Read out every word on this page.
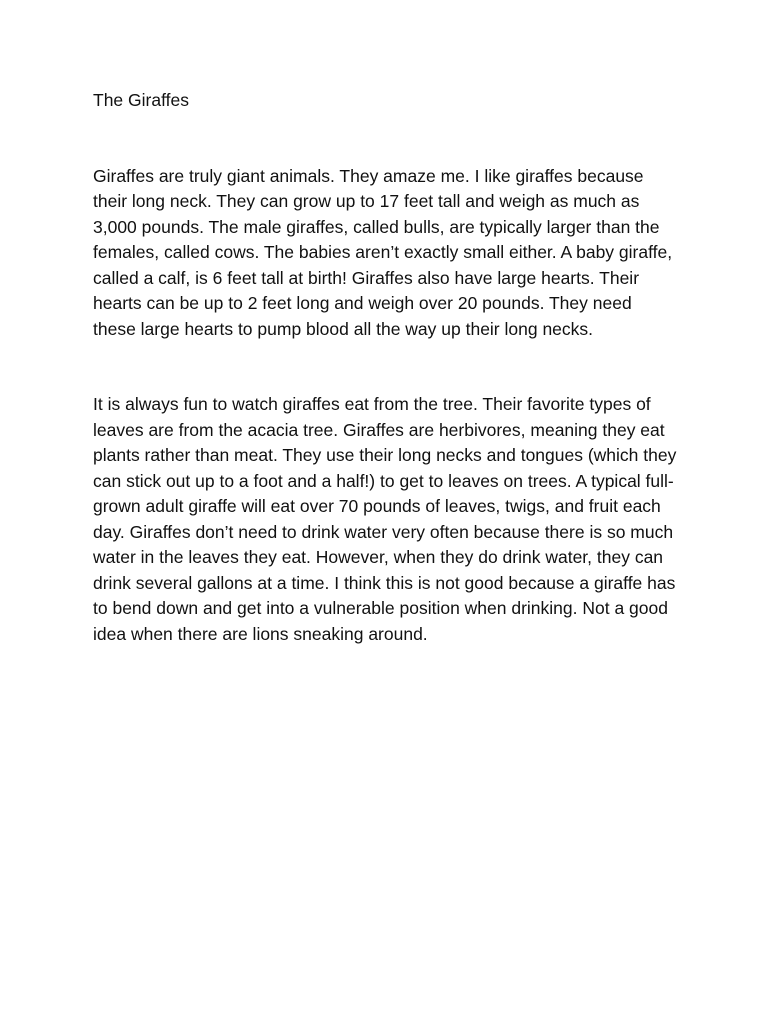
The Giraffes

Giraffes are truly giant animals. They amaze me. I like giraffes because their long neck. They can grow up to 17 feet tall and weigh as much as 3,000 pounds. The male giraffes, called bulls, are typically larger than the females, called cows. The babies aren’t exactly small either. A baby giraffe, called a calf, is 6 feet tall at birth! Giraffes also have large hearts. Their hearts can be up to 2 feet long and weigh over 20 pounds. They need these large hearts to pump blood all the way up their long necks.

It is always fun to watch giraffes eat from the tree. Their favorite types of leaves are from the acacia tree. Giraffes are herbivores, meaning they eat plants rather than meat. They use their long necks and tongues (which they can stick out up to a foot and a half!) to get to leaves on trees. A typical full-grown adult giraffe will eat over 70 pounds of leaves, twigs, and fruit each day. Giraffes don’t need to drink water very often because there is so much water in the leaves they eat. However, when they do drink water, they can drink several gallons at a time. I think this is not good because a giraffe has to bend down and get into a vulnerable position when drinking. Not a good idea when there are lions sneaking around.
